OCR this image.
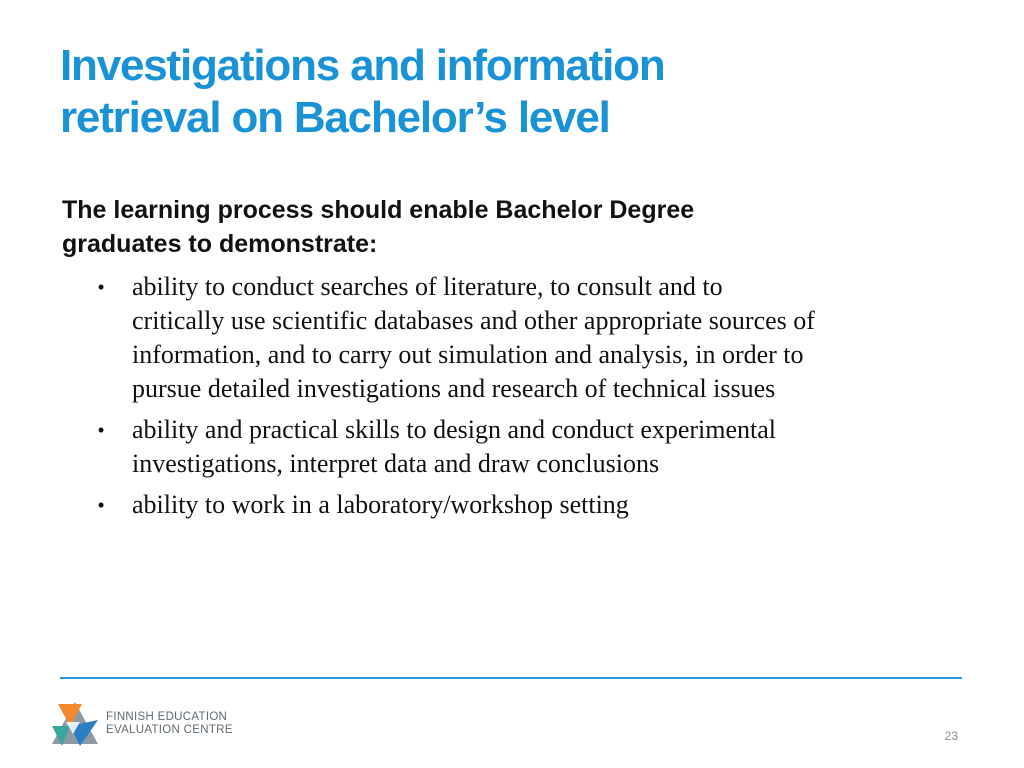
Investigations and information
retrieval on Bachelor’s level

The learning process should enable Bachelor Degree
graduates to demonstrate:

•	ability to conduct searches of literature, to consult and to
critically use scientific databases and other appropriate sources of
information, and to carry out simulation and analysis, in order to
pursue detailed investigations and research of technical issues
•	ability and practical skills to design and conduct experimental
investigations, interpret data and draw conclusions
•	ability to work in a laboratory/workshop setting
FINNISH EDUCATION
EVALUATION CENTRE	23
